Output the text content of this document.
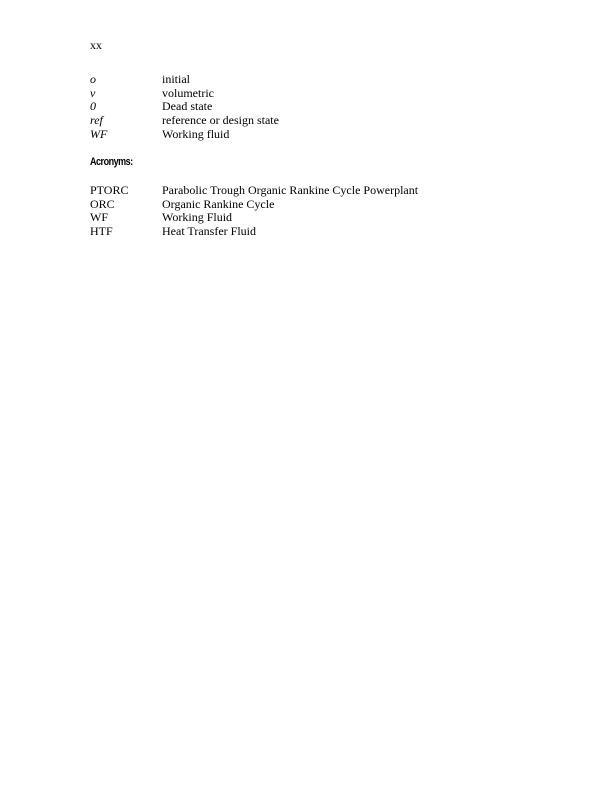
xx
o	initial
v	volumetric
0	Dead state
ref	reference or design state
WF	Working fluid
Acronyms:
PTORC	Parabolic Trough Organic Rankine Cycle Powerplant
ORC	Organic Rankine Cycle
WF	Working Fluid
HTF	Heat Transfer Fluid
